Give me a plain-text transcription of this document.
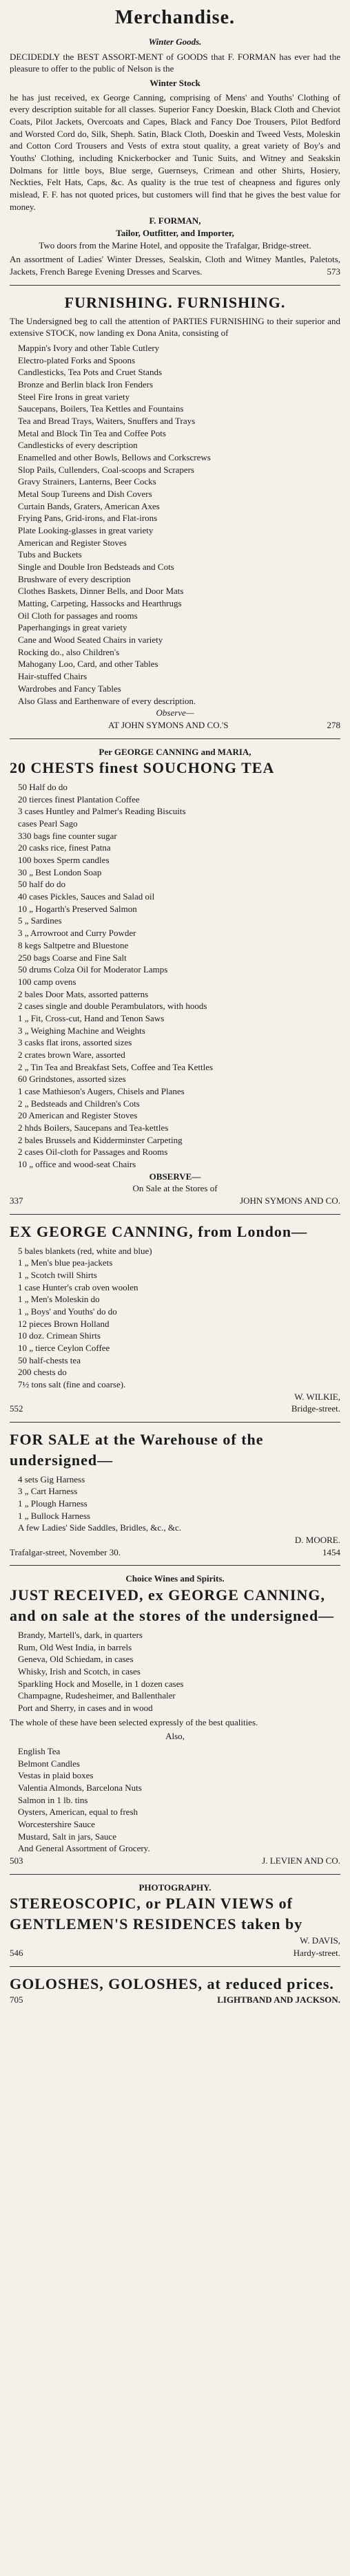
Merchandise.
Winter Goods.

DECIDEDLY the BEST ASSORT-MENT of GOODS that F. FORMAN has ever had the pleasure to offer to the public of Nelson is the

Winter Stock

he has just received, ex George Canning, comprising of Mens' and Youths' Clothing of every description suitable for all classes. Superior Fancy Doeskin, Black Cloth and Cheviot Coats, Pilot Jackets, Overcoats and Capes, Black and Fancy Doe Trousers, Pilot Bedford and Worsted Cord do, Silk, Sheph. Satin, Black Cloth, Doeskin and Tweed Vests, Moleskin and Cotton Cord Trousers and Vests of extra stout quality, a great variety of Boy's and Youths' Clothing, including Knickerbocker and Tunic Suits, and Witney and Seakskin Dolmans for little boys, Blue serge, Guernseys, Crimean and other Shirts, Hosiery, Neckties, Felt Hats, Caps, &c. As quality is the true test of cheapness and figures only mislead, F. F. has not quoted prices, but customers will find that he gives the best value for money.

F. FORMAN,
Tailor, Outfitter, and Importer,
Two doors from the Marine Hotel, and opposite the Trafalgar, Bridge-street.

An assortment of Ladies' Winter Dresses, Sealskin, Cloth and Witney Mantles, Paletots, Jackets, French Barege Evening Dresses and Scarves.	573

FURNISHING. FURNISHING.

The Undersigned beg to call the attention of PARTIES FURNISHING to their superior and extensive STOCK, now landing ex Dona Anita, consisting of

Mappin's Ivory and other Table Cutlery
Electro-plated Forks and Spoons
Candlesticks, Tea Pots and Cruet Stands
Bronze and Berlin black Iron Fenders
Steel Fire Irons in great variety
Saucepans, Boilers, Tea Kettles and Fountains
Tea and Bread Trays, Waiters, Snuffers and Trays
Metal and Block Tin Tea and Coffee Pots
Candlesticks of every description
Enamelled and other Bowls, Bellows and Corkscrews
Slop Pails, Cullenders, Coal-scoops and Scrapers
Gravy Strainers, Lanterns, Beer Cocks
Metal Soup Tureens and Dish Covers
Curtain Bands, Graters, American Axes
Frying Pans, Grid-irons, and Flat-irons
Plate Looking-glasses in great variety
American and Register Stoves
Tubs and Buckets
Single and Double Iron Bedsteads and Cots
Brushware of every description
Clothes Baskets, Dinner Bells, and Door Mats
Matting, Carpeting, Hassocks and Hearthrugs
Oil Cloth for passages and rooms
Paperhangings in great variety
Cane and Wood Seated Chairs in variety
Rocking do., also Children's
Mahogany Loo, Card, and other Tables
Hair-stuffed Chairs
Wardrobes and Fancy Tables
Also Glass and Earthenware of every description.
Observe—
AT JOHN SYMONS AND CO.'S	278
Per GEORGE CANNING and MARIA,
20 CHESTS finest SOUCHONG TEA
50 Half do do
20 tierces finest Plantation Coffee
3 cases Huntley and Palmer's Reading Biscuits
cases Pearl Sago
330 bags fine counter sugar
20 casks rice, finest Patna
100 boxes Sperm candles
30 „ Best London Soap
50 half do do
40 cases Pickles, Sauces and Salad oil
10 „ Hogarth's Preserved Salmon
5 „ Sardines
3 „ Arrowroot and Curry Powder
8 kegs Saltpetre and Bluestone
250 bags Coarse and Fine Salt
50 drums Colza Oil for Moderator Lamps
100 camp ovens
2 bales Door Mats, assorted patterns
2 cases single and double Perambulators, with hoods
1 „ Fit, Cross-cut, Hand and Tenon Saws
3 „ Weighing Machine and Weights
3 casks flat irons, assorted sizes
2 crates brown Ware, assorted
2 „ Tin Tea and Breakfast Sets, Coffee and Tea Kettles
60 Grindstones, assorted sizes
1 case Mathieson's Augers, Chisels and Planes
2 „ Bedsteads and Children's Cots
20 American and Register Stoves
2 hhds Boilers, Saucepans and Tea-kettles
2 bales Brussels and Kidderminster Carpeting
2 cases Oil-cloth for Passages and Rooms
10 „ office and wood-seat Chairs
OBSERVE—
On Sale at the Stores of
337	JOHN SYMONS AND CO.
EX GEORGE CANNING, from London—
5 bales blankets (red, white and blue)
1 „ Men's blue pea-jackets
1 „ Scotch twill Shirts
1 case Hunter's crab oven woolen
1 „ Men's Moleskin do
1 „ Boys' and Youths' do do
12 pieces Brown Holland
10 doz. Crimean Shirts
10 „ tierce Ceylon Coffee
50 half-chests tea
200 chests do
7½ tons salt (fine and coarse).
W. WILKIE,
552	Bridge-street.
FOR SALE at the Warehouse of the undersigned—
4 sets Gig Harness
3 „ Cart Harness
1 „ Plough Harness
1 „ Bullock Harness
A few Ladies' Side Saddles, Bridles, &c., &c.
D. MOORE.
Trafalgar-street, November 30.	1454
Choice Wines and Spirits.
JUST RECEIVED, ex GEORGE CANNING, and on sale at the stores of the undersigned—
Brandy, Martell's, dark, in quarters
Rum, Old West India, in barrels
Geneva, Old Schiedam, in cases
Whisky, Irish and Scotch, in cases
Sparkling Hock and Moselle, in 1 dozen cases
Champagne, Rudesheimer, and Ballenthaler
Port and Sherry, in cases and in wood

The whole of these have been selected expressly of the best qualities.

Also,
English Tea
Belmont Candles
Vestas in plaid boxes
Valentia Almonds, Barcelona Nuts
Salmon in 1 lb. tins
Oysters, American, equal to fresh
Worcestershire Sauce
Mustard, Salt in jars, Sauce
And General Assortment of Grocery.
503	J. LEVIEN AND CO.
PHOTOGRAPHY.
STEREOSCOPIC, or PLAIN VIEWS of GENTLEMEN'S RESIDENCES taken by
W. DAVIS,
546	Hardy-street.
GOLOSHES, GOLOSHES, at reduced prices.
705	LIGHTBAND AND JACKSON.
